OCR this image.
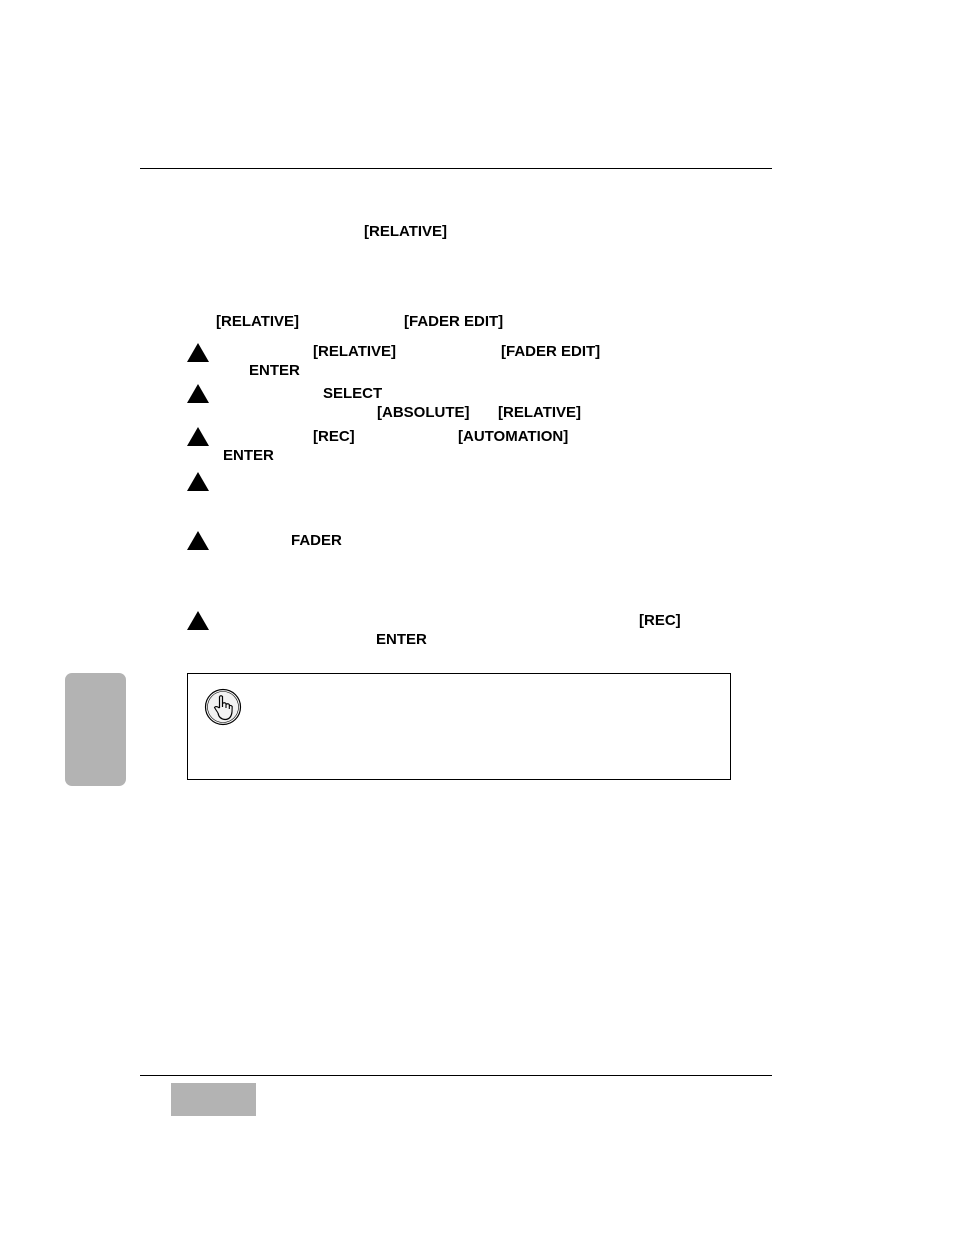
[RELATIVE]
[RELATIVE]	[FADER EDIT]
[RELATIVE]	[FADER EDIT]
ENTER
SELECT
[ABSOLUTE] [RELATIVE]
[REC]	[AUTOMATION]
ENTER
FADER
[REC]
ENTER
